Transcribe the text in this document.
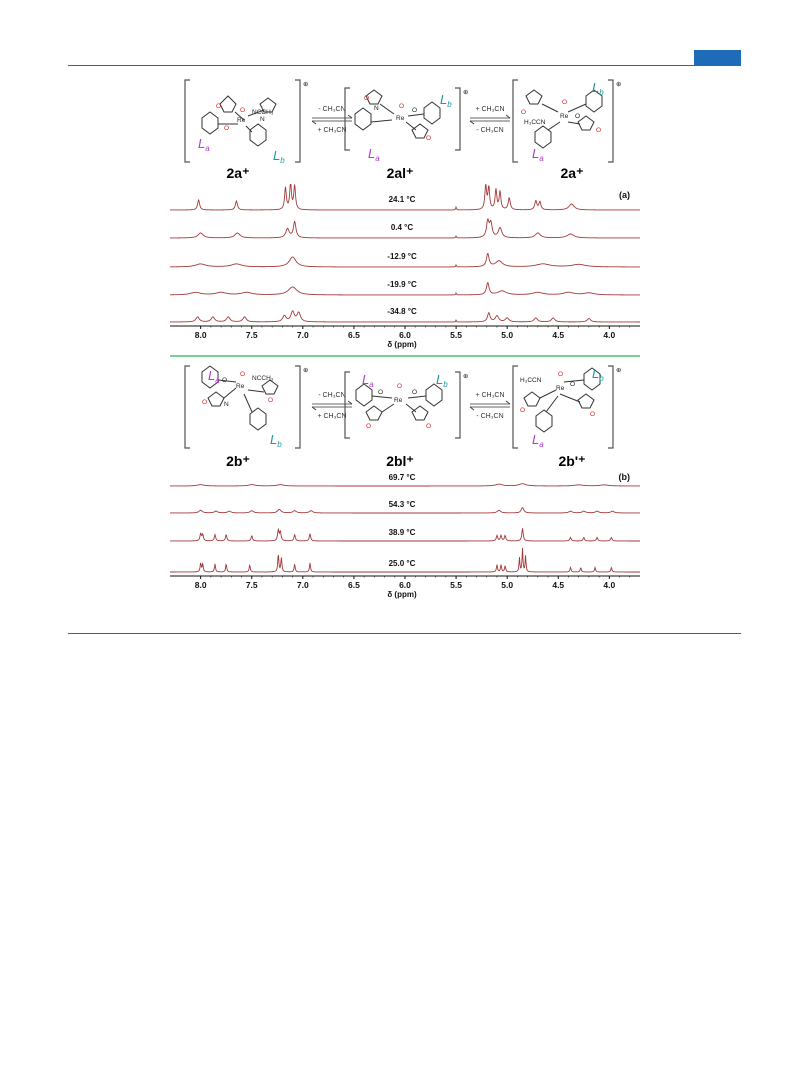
⊕
Re
O NCCH₃
O
O
N
$L_a$	$L_b$
2a⁺
- CH₃CN
+ CH₃CN
⊕
Re
O
N	O
O
O
$L_a$
$L_b$
2al⁺
+ CH₃CN
- CH₃CN
⊕
Re
O
O
H₃CCN
O
O
$L_a$
$L_b$
2a⁺
(a)
24.1 °C
0.4 °C
-12.9 °C
-19.9 °C
-34.8 °C
8.0	7.5	7.0	6.5	6.0	5.5	5.0	4.5	4.0
δ (ppm)
⊕
Re
O
NCCH₃
O
N
O	O
$L_a$
$L_b$
2b⁺
- CH₃CN
+ CH₃CN
⊕
Re
O
O	O
O	O
$L_a$	$L_b$
2bl⁺
+ CH₃CN
- CH₃CN
⊕
Re
O
H₃CCN
O
O
O
$L_a$
$L_b$
2b'⁺
(b)
69.7 °C
54.3 °C
38.9 °C
25.0 °C
8.0	7.5	7.0	6.5	6.0	5.5	5.0	4.5	4.0
δ (ppm)
